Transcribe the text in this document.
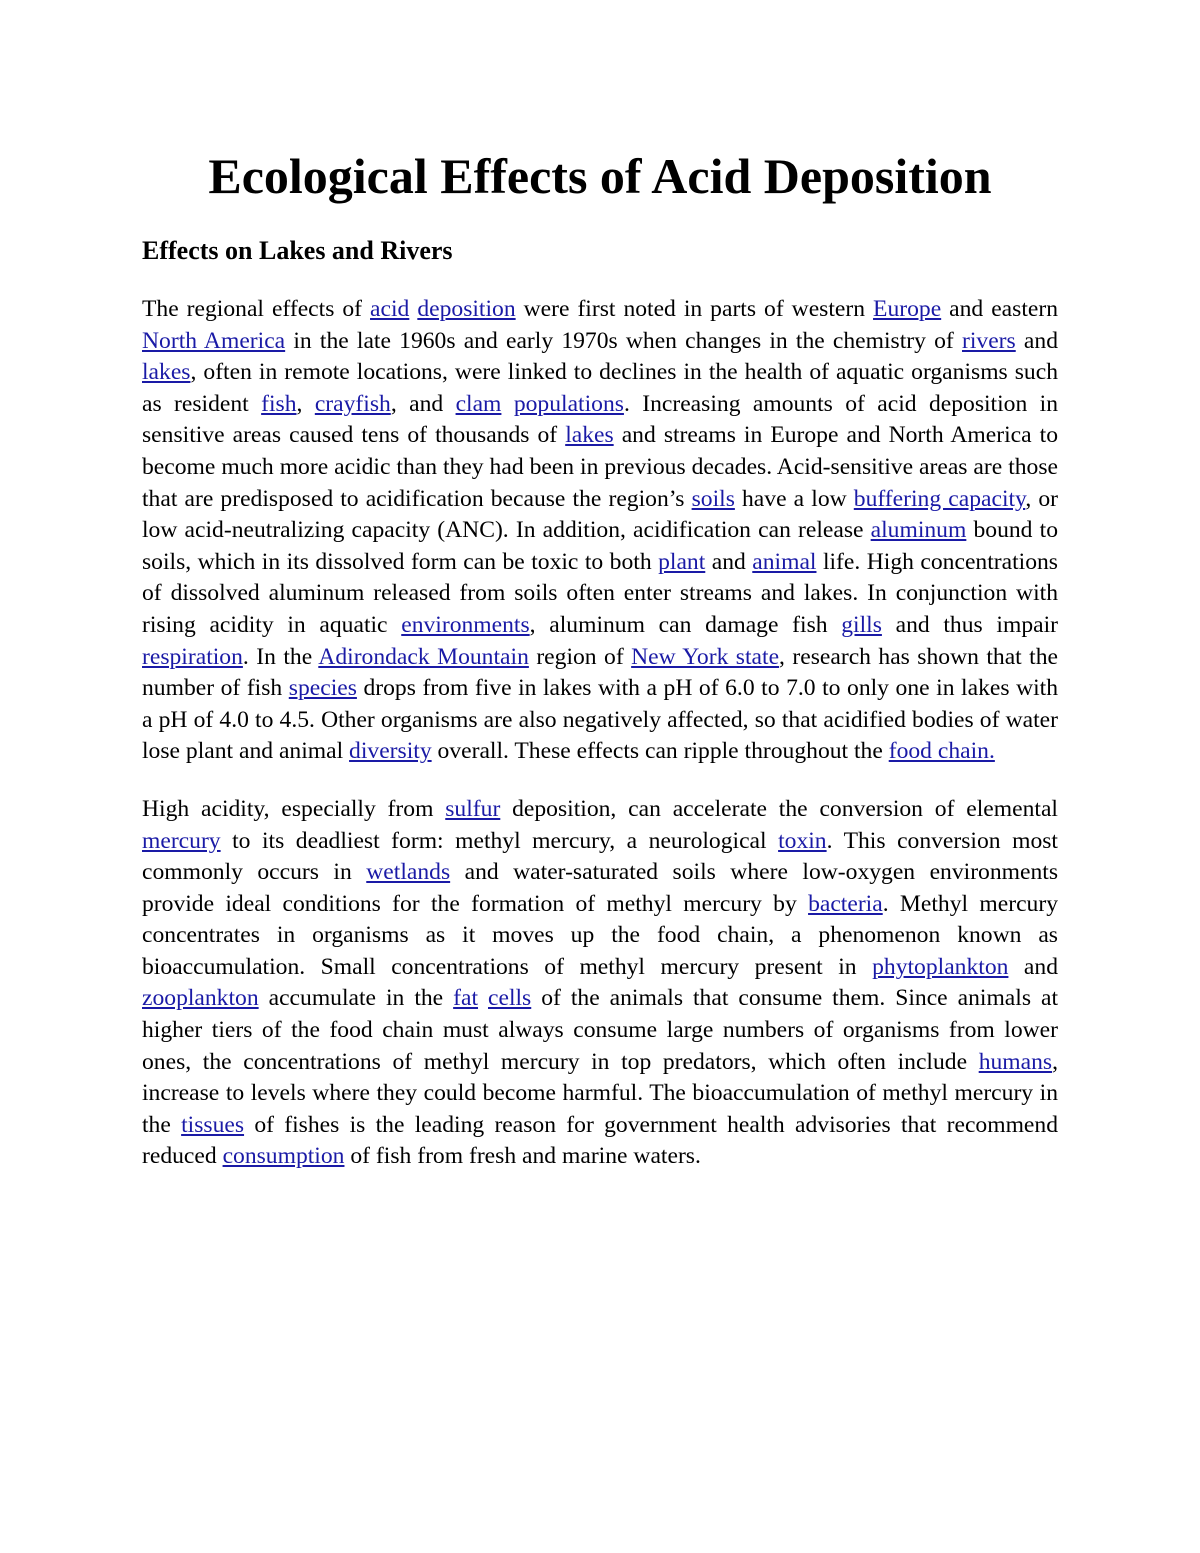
Ecological Effects of Acid Deposition
Effects on Lakes and Rivers

The regional effects of acid deposition were first noted in parts of western Europe and eastern North America in the late 1960s and early 1970s when changes in the chemistry of rivers and lakes, often in remote locations, were linked to declines in the health of aquatic organisms such as resident fish, crayfish, and clam populations. Increasing amounts of acid deposition in sensitive areas caused tens of thousands of lakes and streams in Europe and North America to become much more acidic than they had been in previous decades. Acid-sensitive areas are those that are predisposed to acidification because the region’s soils have a low buffering capacity, or low acid-neutralizing capacity (ANC). In addition, acidification can release aluminum bound to soils, which in its dissolved form can be toxic to both plant and animal life. High concentrations of dissolved aluminum released from soils often enter streams and lakes. In conjunction with rising acidity in aquatic environments, aluminum can damage fish gills and thus impair respiration. In the Adirondack Mountain region of New York state, research has shown that the number of fish species drops from five in lakes with a pH of 6.0 to 7.0 to only one in lakes with a pH of 4.0 to 4.5. Other organisms are also negatively affected, so that acidified bodies of water lose plant and animal diversity overall. These effects can ripple throughout the food chain.

High acidity, especially from sulfur deposition, can accelerate the conversion of elemental mercury to its deadliest form: methyl mercury, a neurological toxin. This conversion most commonly occurs in wetlands and water-saturated soils where low-oxygen environments provide ideal conditions for the formation of methyl mercury by bacteria. Methyl mercury concentrates in organisms as it moves up the food chain, a phenomenon known as bioaccumulation. Small concentrations of methyl mercury present in phytoplankton and zooplankton accumulate in the fat cells of the animals that consume them. Since animals at higher tiers of the food chain must always consume large numbers of organisms from lower ones, the concentrations of methyl mercury in top predators, which often include humans, increase to levels where they could become harmful. The bioaccumulation of methyl mercury in the tissues of fishes is the leading reason for government health advisories that recommend reduced consumption of fish from fresh and marine waters.
